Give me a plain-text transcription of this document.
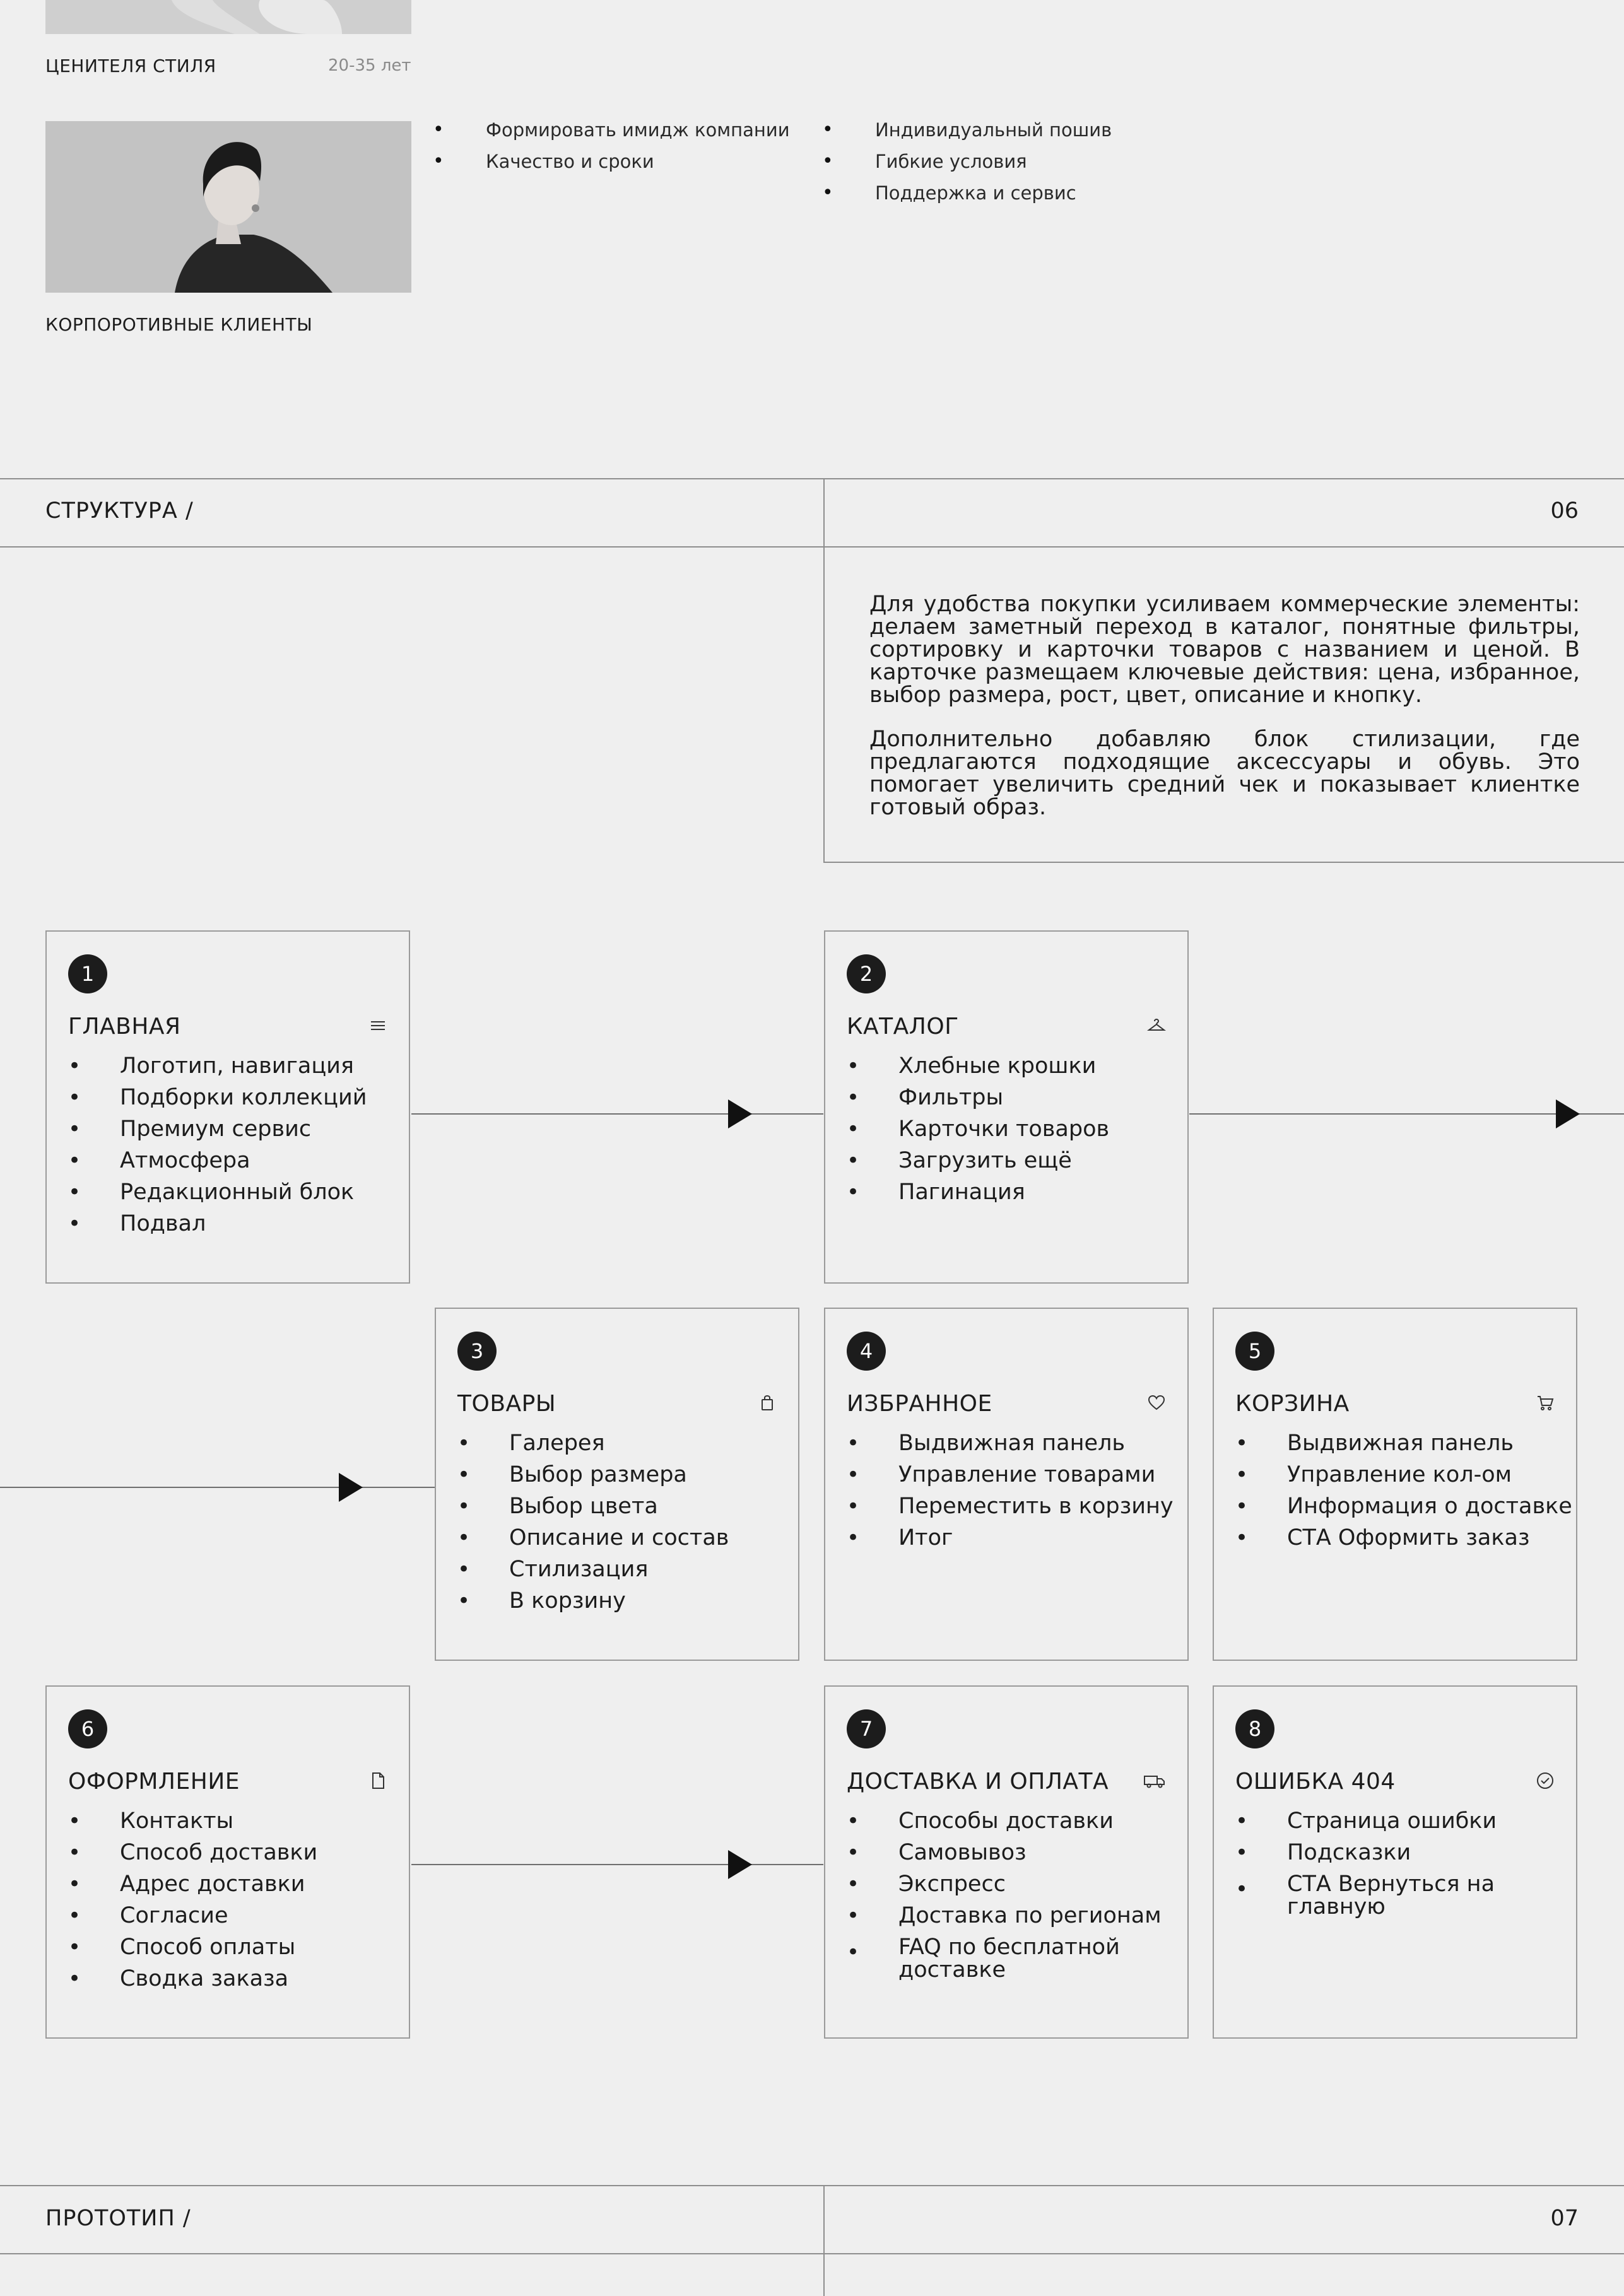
ЦЕНИТЕЛЯ СТИЛЯ	20-35 лет
КОРПОРОТИВНЫЕ КЛИЕНТЫ
• Формировать имидж компании
• Качество и сроки
• Индивидуальный пошив
• Гибкие условия
• Поддержка и сервис
СТРУКТУРА /	06
Для удобства покупки усиливаем коммерческие элементы: делаем заметный переход в каталог, понятные фильтры, сортировку и карточки товаров с названием и ценой. В карточке размещаем ключевые действия: цена, избранное, выбор размера, рост, цвет, описание и кнопку.
Дополнительно добавляю блок стилизации, где предлагаются подходящие аксессуары и обувь. Это помогает увеличить средний чек и показывает клиентке готовый образ.
1
ГЛАВНАЯ
• Логотип, навигация
• Подборки коллекций
• Премиум сервис
• Атмосфера
• Редакционный блок
• Подвал
2
КАТАЛОГ
• Хлебные крошки
• Фильтры
• Карточки товаров
• Загрузить ещё
• Пагинация
3
ТОВАРЫ
• Галерея
• Выбор размера
• Выбор цвета
• Описание и состав
• Стилизация
• В корзину
4
ИЗБРАННОЕ
• Выдвижная панель
• Управление товарами
• Переместить в корзину
• Итог
5
КОРЗИНА
• Выдвижная панель
• Управление кол-ом
• Информация о доставке
• СТА Оформить заказ
6
ОФОРМЛЕНИЕ
• Контакты
• Способ доставки
• Адрес доставки
• Согласие
• Способ оплаты
• Сводка заказа
7
ДОСТАВКА И ОПЛАТА
• Способы доставки
• Самовывоз
• Экспресс
• Доставка по регионам
• FAQ по бесплатной доставке
8
ОШИБКА 404
• Страница ошибки
• Подсказки
• СТА Вернуться на главную
ПРОТОТИП /	07
